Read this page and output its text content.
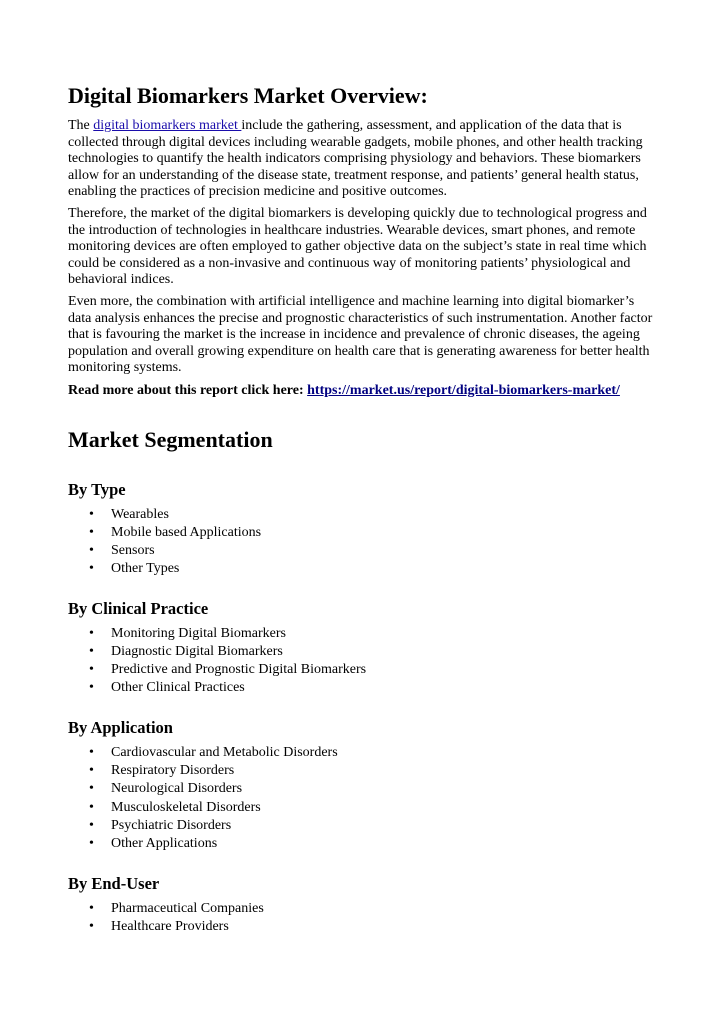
Digital Biomarkers Market Overview:

The digital biomarkers market include the gathering, assessment, and application of the data that is collected through digital devices including wearable gadgets, mobile phones, and other health tracking technologies to quantify the health indicators comprising physiology and behaviors. These biomarkers allow for an understanding of the disease state, treatment response, and patients’ general health status, enabling the practices of precision medicine and positive outcomes.

Therefore, the market of the digital biomarkers is developing quickly due to technological progress and the introduction of technologies in healthcare industries. Wearable devices, smart phones, and remote monitoring devices are often employed to gather objective data on the subject’s state in real time which could be considered as a non-invasive and continuous way of monitoring patients’ physiological and behavioral indices.

Even more, the combination with artificial intelligence and machine learning into digital biomarker’s data analysis enhances the precise and prognostic characteristics of such instrumentation. Another factor that is favouring the market is the increase in incidence and prevalence of chronic diseases, the ageing population and overall growing expenditure on health care that is generating awareness for better health monitoring systems.

Read more about this report click here: https://market.us/report/digital-biomarkers-market/

Market Segmentation
By Type
• Wearables
• Mobile based Applications
• Sensors
• Other Types
By Clinical Practice
• Monitoring Digital Biomarkers
• Diagnostic Digital Biomarkers
• Predictive and Prognostic Digital Biomarkers
• Other Clinical Practices
By Application
• Cardiovascular and Metabolic Disorders
• Respiratory Disorders
• Neurological Disorders
• Musculoskeletal Disorders
• Psychiatric Disorders
• Other Applications
By End-User
• Pharmaceutical Companies
• Healthcare Providers
